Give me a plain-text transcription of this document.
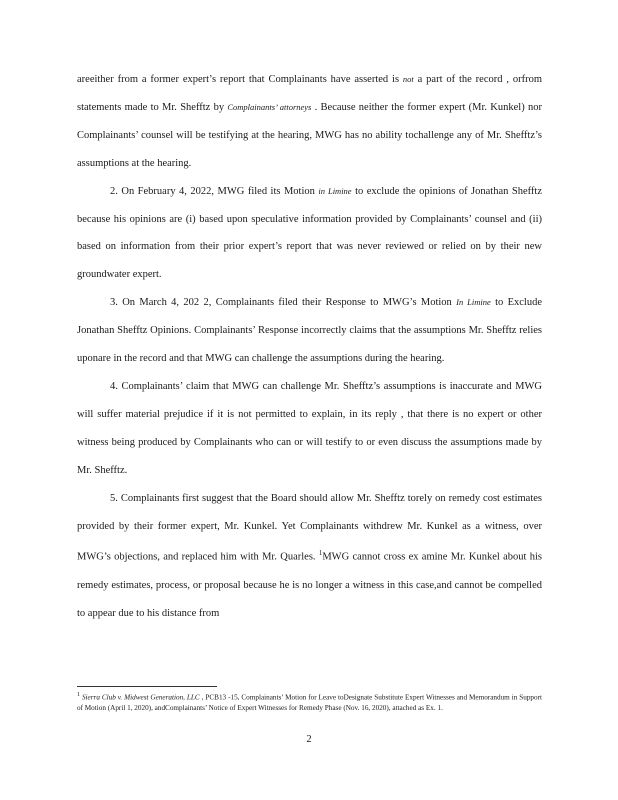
areeither from a former expert’s report that Complainants have asserted is not a part of the record , orfrom statements made to Mr. Shefftz by Complainants’ attorneys . Because neither the former expert (Mr. Kunkel) nor Complainants’ counsel will be testifying at the hearing, MWG has no ability tochallenge any of Mr. Shefftz’s assumptions at the hearing.

2. On February 4, 2022, MWG filed its Motion in Limine to exclude the opinions of Jonathan Shefftz because his opinions are (i) based upon speculative information provided by Complainants’ counsel and (ii) based on information from their prior expert’s report that was never reviewed or relied on by their new groundwater expert.

3. On March 4, 202 2, Complainants filed their Response to MWG’s Motion In Limine to Exclude Jonathan Shefftz Opinions. Complainants’ Response incorrectly claims that the assumptions Mr. Shefftz relies uponare in the record and that MWG can challenge the assumptions during the hearing.

4. Complainants’ claim that MWG can challenge Mr. Shefftz’s assumptions is inaccurate and MWG will suffer material prejudice if it is not permitted to explain, in its reply , that there is no expert or other witness being produced by Complainants who can or will testify to or even discuss the assumptions made by Mr. Shefftz.

5. Complainants first suggest that the Board should allow Mr. Shefftz torely on remedy cost estimates provided by their former expert, Mr. Kunkel. Yet Complainants withdrew Mr. Kunkel as a witness, over MWG’s objections, and replaced him with Mr. Quarles. $^1$MWG cannot cross ex amine Mr. Kunkel about his remedy estimates, process, or proposal because he is no longer a witness in this case,and cannot be compelled to appear due to his distance from

$^1$ Sierra Club v. Midwest Generation, LLC , PCB13 -15, Complainants’ Motion for Leave toDesignate Substitute Expert Witnesses and Memorandum in Support of Motion (April 1, 2020), andComplainants’ Notice of Expert Witnesses for Remedy Phase (Nov. 16, 2020), attached as Ex. 1.
2
